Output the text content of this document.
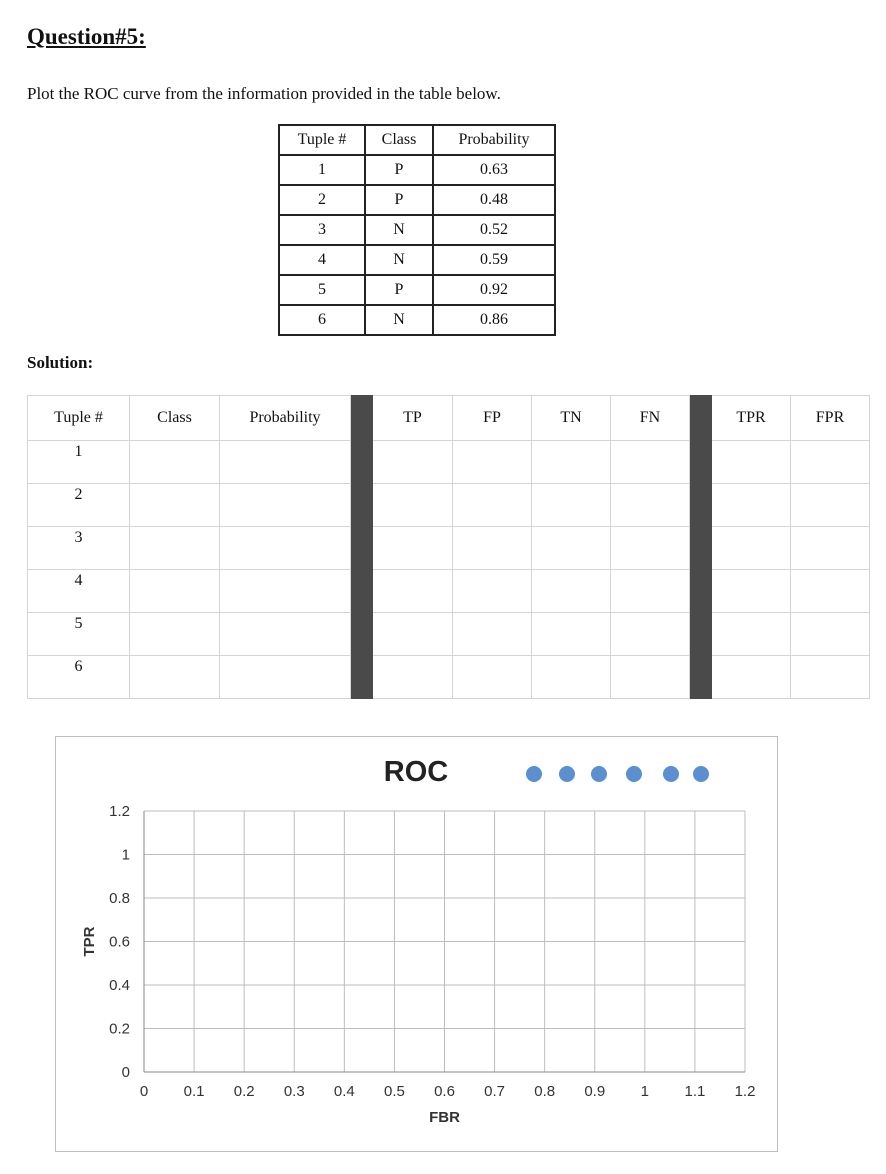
Question#5:
Plot the ROC curve from the information provided in the table below.
Tuple #	Class	Probability
1	P	0.63
2	P	0.48
3	N	0.52
4	N	0.59
5	P	0.92
6	N	0.86
Solution:
Tuple #	Class	Probability		TP	FP	TN	FN		TPR	FPR
1										
2										
3										
4										
5										
6										
0 0.1 0.2 0.3 0.4 0.5 0.6 0.7 0.8 0.9 1 1.1 1.2
0
0.2
0.4
0.6
0.8
1
1.2
ROC
FBR
TPR
